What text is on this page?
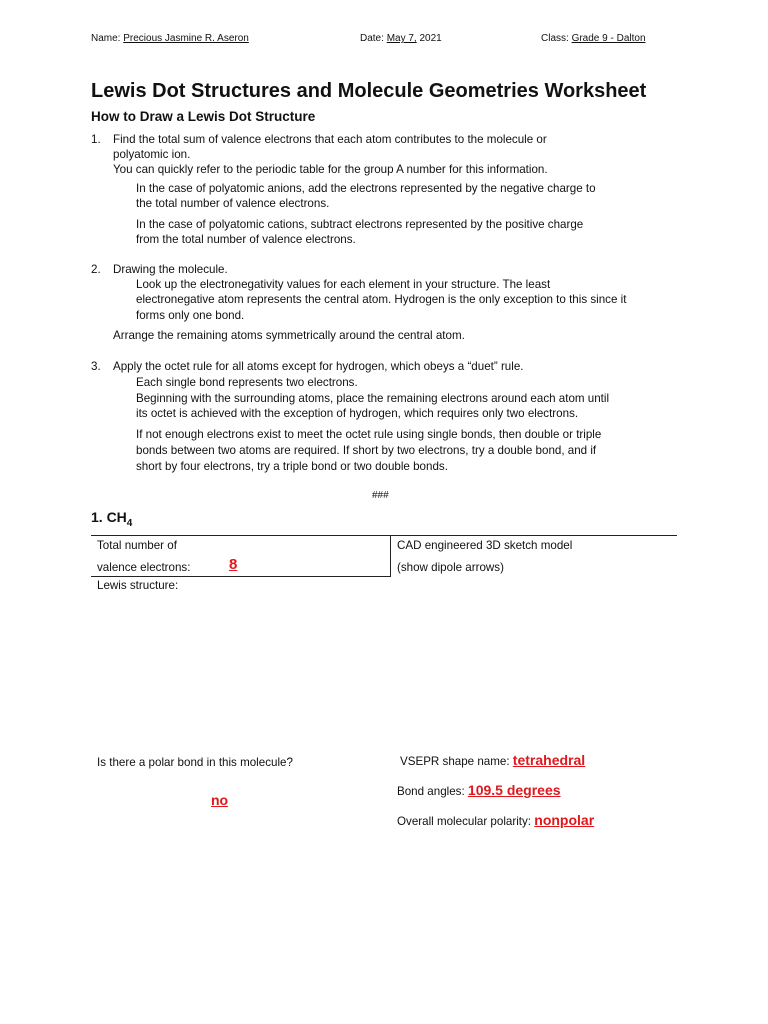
Name: Precious Jasmine R. Aseron	Date: May 7, 2021	Class: Grade 9 - Dalton
Lewis Dot Structures and Molecule Geometries Worksheet
How to Draw a Lewis Dot Structure
1. Find the total sum of valence electrons that each atom contributes to the molecule or
polyatomic ion.
You can quickly refer to the periodic table for the group A number for this information.
In the case of polyatomic anions, add the electrons represented by the negative charge to
the total number of valence electrons.
In the case of polyatomic cations, subtract electrons represented by the positive charge
from the total number of valence electrons.
2. Drawing the molecule.
Look up the electronegativity values for each element in your structure. The least
electronegative atom represents the central atom. Hydrogen is the only exception to this since it
forms only one bond.
Arrange the remaining atoms symmetrically around the central atom.
3. Apply the octet rule for all atoms except for hydrogen, which obeys a “duet” rule.
Each single bond represents two electrons.
Beginning with the surrounding atoms, place the remaining electrons around each atom until
its octet is achieved with the exception of hydrogen, which requires only two electrons.
If not enough electrons exist to meet the octet rule using single bonds, then double or triple
bonds between two atoms are required. If short by two electrons, try a double bond, and if
short by four electrons, try a triple bond or two double bonds.
###
1. $CH_4$
Total number of
valence electrons:	8
CAD engineered 3D sketch model
(show dipole arrows)
Lewis structure:
Is there a polar bond in this molecule?
no
VSEPR shape name: tetrahedral
Bond angles: 109.5 degrees
Overall molecular polarity: nonpolar
